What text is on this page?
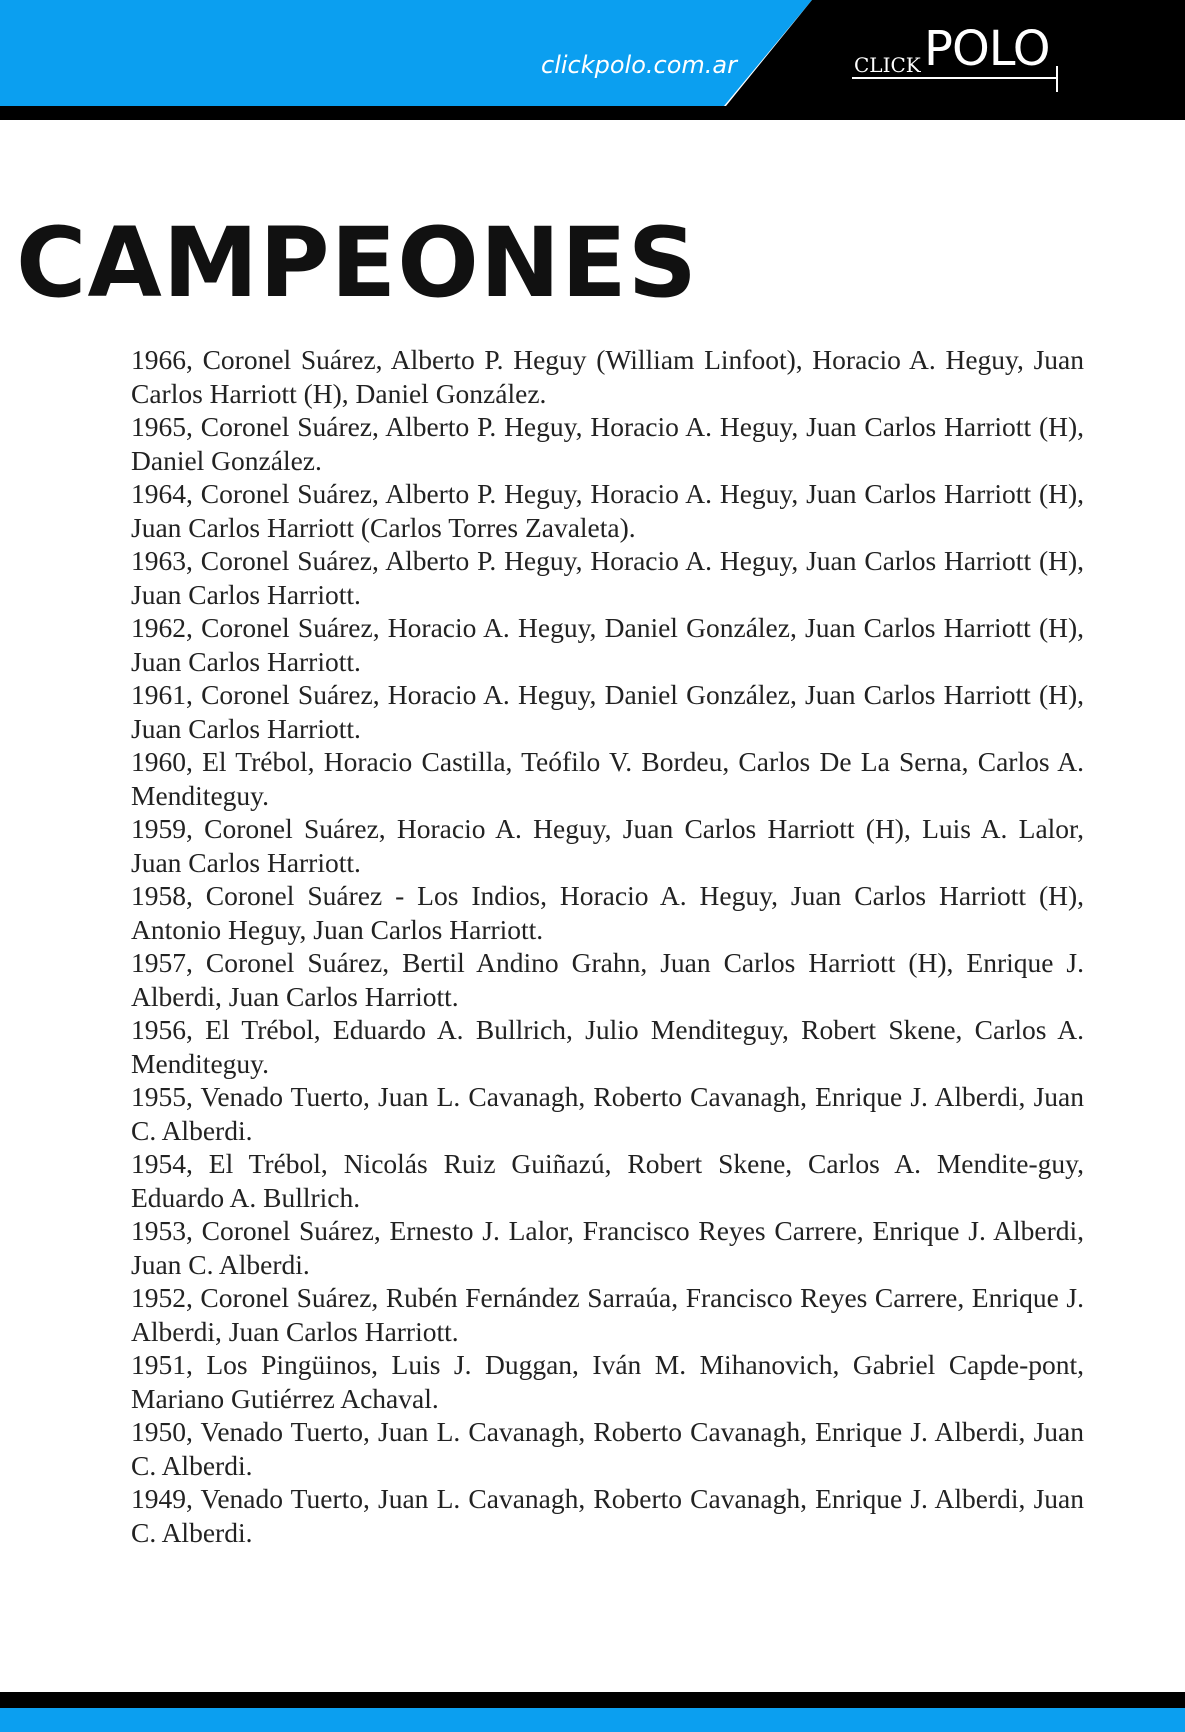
clickpolo.com.ar	CLICK POLO
CAMPEONES
1966, Coronel Suárez, Alberto P. Heguy (William Linfoot), Horacio A. Heguy, Juan Carlos Harriott (H), Daniel González.
1965, Coronel Suárez, Alberto P. Heguy, Horacio A. Heguy, Juan Carlos Harriott (H), Daniel González.
1964, Coronel Suárez, Alberto P. Heguy, Horacio A. Heguy, Juan Carlos Harriott (H), Juan Carlos Harriott (Carlos Torres Zavaleta).
1963, Coronel Suárez, Alberto P. Heguy, Horacio A. Heguy, Juan Carlos Harriott (H), Juan Carlos Harriott.
1962, Coronel Suárez, Horacio A. Heguy, Daniel González, Juan Carlos Harriott (H), Juan Carlos Harriott.
1961, Coronel Suárez, Horacio A. Heguy, Daniel González, Juan Carlos Harriott (H), Juan Carlos Harriott.
1960, El Trébol, Horacio Castilla, Teófilo V. Bordeu, Carlos De La Serna, Carlos A. Menditeguy.
1959, Coronel Suárez, Horacio A. Heguy, Juan Carlos Harriott (H), Luis A. Lalor, Juan Carlos Harriott.
1958, Coronel Suárez - Los Indios, Horacio A. Heguy, Juan Carlos Harriott (H), Antonio Heguy, Juan Carlos Harriott.
1957, Coronel Suárez, Bertil Andino Grahn, Juan Carlos Harriott (H), Enrique J. Alberdi, Juan Carlos Harriott.
1956, El Trébol, Eduardo A. Bullrich, Julio Menditeguy, Robert Skene, Carlos A. Menditeguy.
1955, Venado Tuerto, Juan L. Cavanagh, Roberto Cavanagh, Enrique J. Alberdi, Juan C. Alberdi.
1954, El Trébol, Nicolás Ruiz Guiñazú, Robert Skene, Carlos A. Mendite-guy, Eduardo A. Bullrich.
1953, Coronel Suárez, Ernesto J. Lalor, Francisco Reyes Carrere, Enrique J. Alberdi, Juan C. Alberdi.
1952, Coronel Suárez, Rubén Fernández Sarraúa, Francisco Reyes Carrere, Enrique J. Alberdi, Juan Carlos Harriott.
1951, Los Pingüinos, Luis J. Duggan, Iván M. Mihanovich, Gabriel Capde-pont, Mariano Gutiérrez Achaval.
1950, Venado Tuerto, Juan L. Cavanagh, Roberto Cavanagh, Enrique J. Alberdi, Juan C. Alberdi.
1949, Venado Tuerto, Juan L. Cavanagh, Roberto Cavanagh, Enrique J. Alberdi, Juan C. Alberdi.
